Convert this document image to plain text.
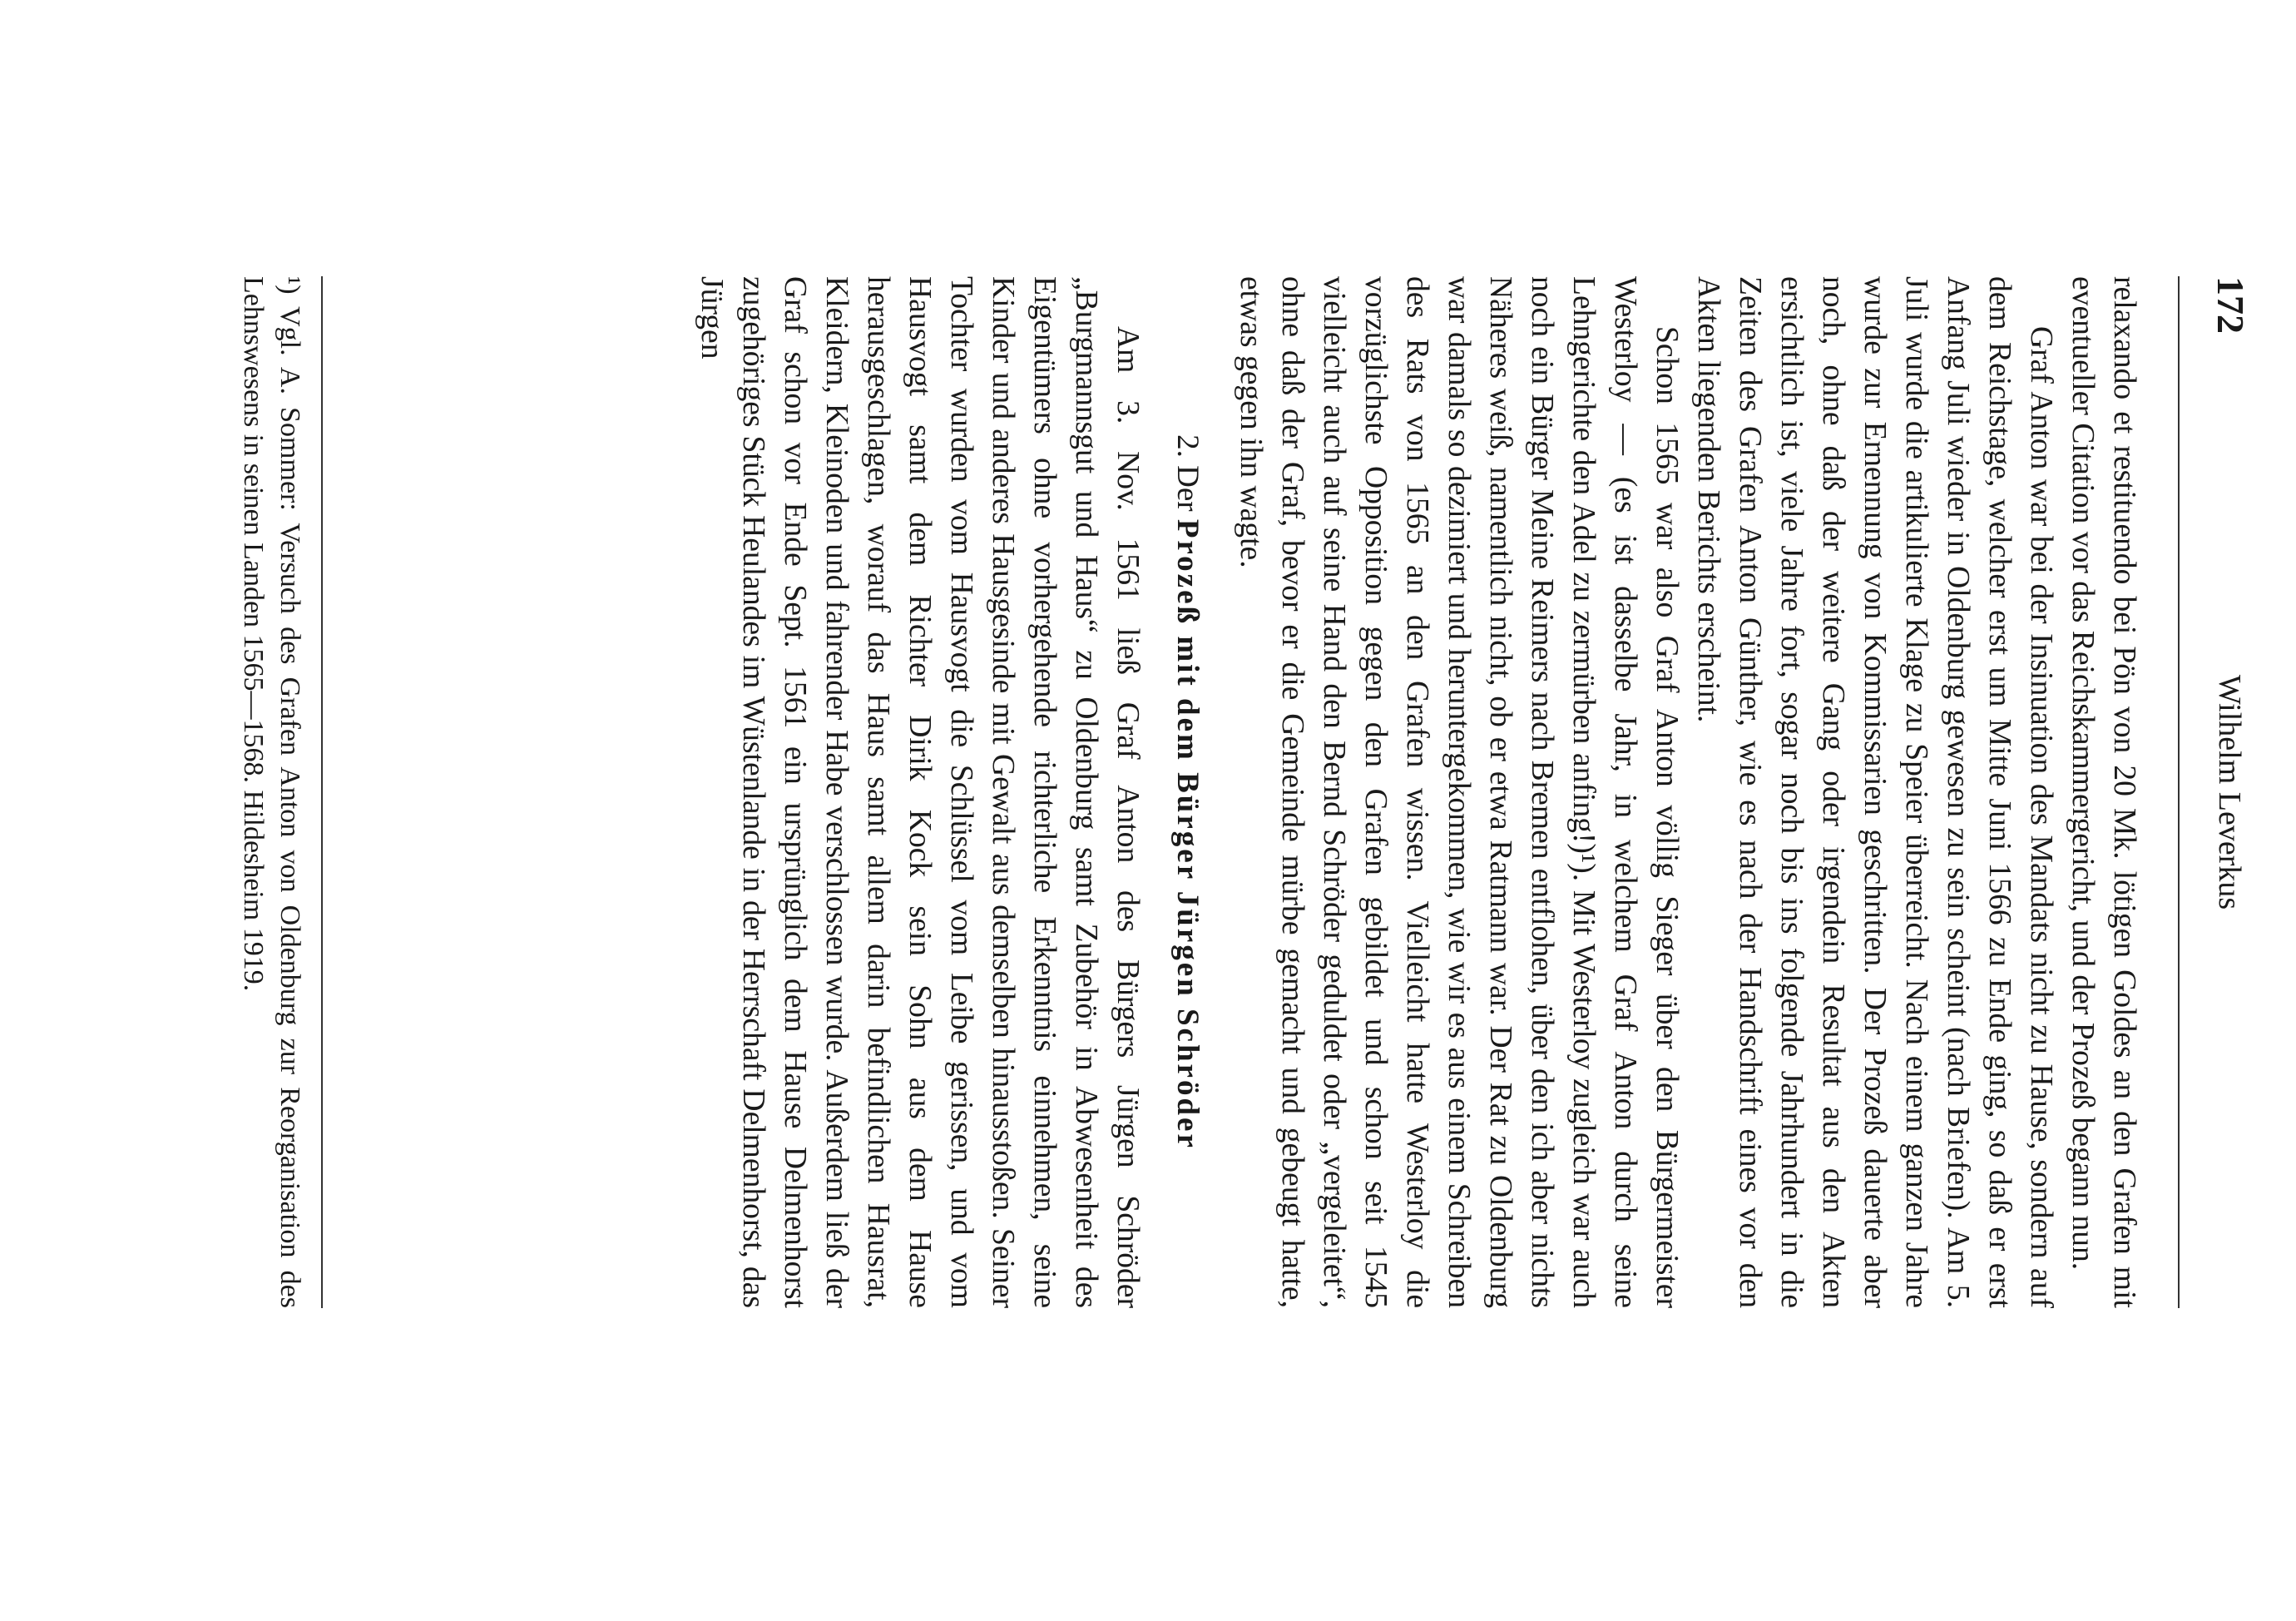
172
Wilhelm Leverkus

relaxando et restituendo bei Pön von 20 Mk. lötigen Goldes an den Grafen mit eventueller Citation vor das Reichskammergericht, und der Prozeß begann nun.

Graf Anton war bei der Insinuation des Mandats nicht zu Hause, sondern auf dem Reichstage, welcher erst um Mitte Juni 1566 zu Ende ging, so daß er erst Anfang Juli wieder in Oldenburg gewesen zu sein scheint (nach Briefen). Am 5. Juli wurde die artikulierte Klage zu Speier überreicht. Nach einem ganzen Jahre wurde zur Ernennung von Kommissarien geschritten. Der Prozeß dauerte aber noch, ohne daß der weitere Gang oder irgendein Resultat aus den Akten ersichtlich ist, viele Jahre fort, sogar noch bis ins folgende Jahrhundert in die Zeiten des Grafen Anton Günther, wie es nach der Handschrift eines vor den Akten liegenden Berichts erscheint.

Schon 1565 war also Graf Anton völlig Sieger über den Bürgermeister Westerloy — (es ist dasselbe Jahr, in welchem Graf Anton durch seine Lehngerichte den Adel zu zermürben anfing!)¹). Mit Westerloy zugleich war auch noch ein Bürger Meine Reimers nach Bremen entflohen, über den ich aber nichts Näheres weiß, namentlich nicht, ob er etwa Ratmann war. Der Rat zu Oldenburg war damals so dezimiert und heruntergekommen, wie wir es aus einem Schreiben des Rats von 1565 an den Grafen wissen. Vielleicht hatte Westerloy die vorzüglichste Opposition gegen den Grafen gebildet und schon seit 1545 vielleicht auch auf seine Hand den Bernd Schröder geduldet oder „vergeleitet“, ohne daß der Graf, bevor er die Gemeinde mürbe gemacht und gebeugt hatte, etwas gegen ihn wagte.

2. Der Prozeß mit dem Bürger Jürgen Schröder

Am 3. Nov. 1561 ließ Graf Anton des Bürgers Jürgen Schröder „Burgmannsgut und Haus“ zu Oldenburg samt Zubehör in Abwesenheit des Eigentümers ohne vorhergehende richterliche Erkenntnis einnehmen, seine Kinder und anderes Hausgesinde mit Gewalt aus demselben hinausstoßen. Seiner Tochter wurden vom Hausvogt die Schlüssel vom Leibe gerissen, und vom Hausvogt samt dem Richter Dirik Kock sein Sohn aus dem Hause herausgeschlagen, worauf das Haus samt allem darin befindlichen Hausrat, Kleidern, Kleinoden und fahrender Habe verschlossen wurde. Außerdem ließ der Graf schon vor Ende Sept. 1561 ein ursprünglich dem Hause Delmenhorst zugehöriges Stück Heulandes im Wüstenlande in der Herrschaft Delmenhorst, das Jürgen

¹) Vgl. A. Sommer: Versuch des Grafen Anton von Oldenburg zur Reorganisation des Lehnswesens in seinen Landen 1565—1568. Hildesheim 1919.
